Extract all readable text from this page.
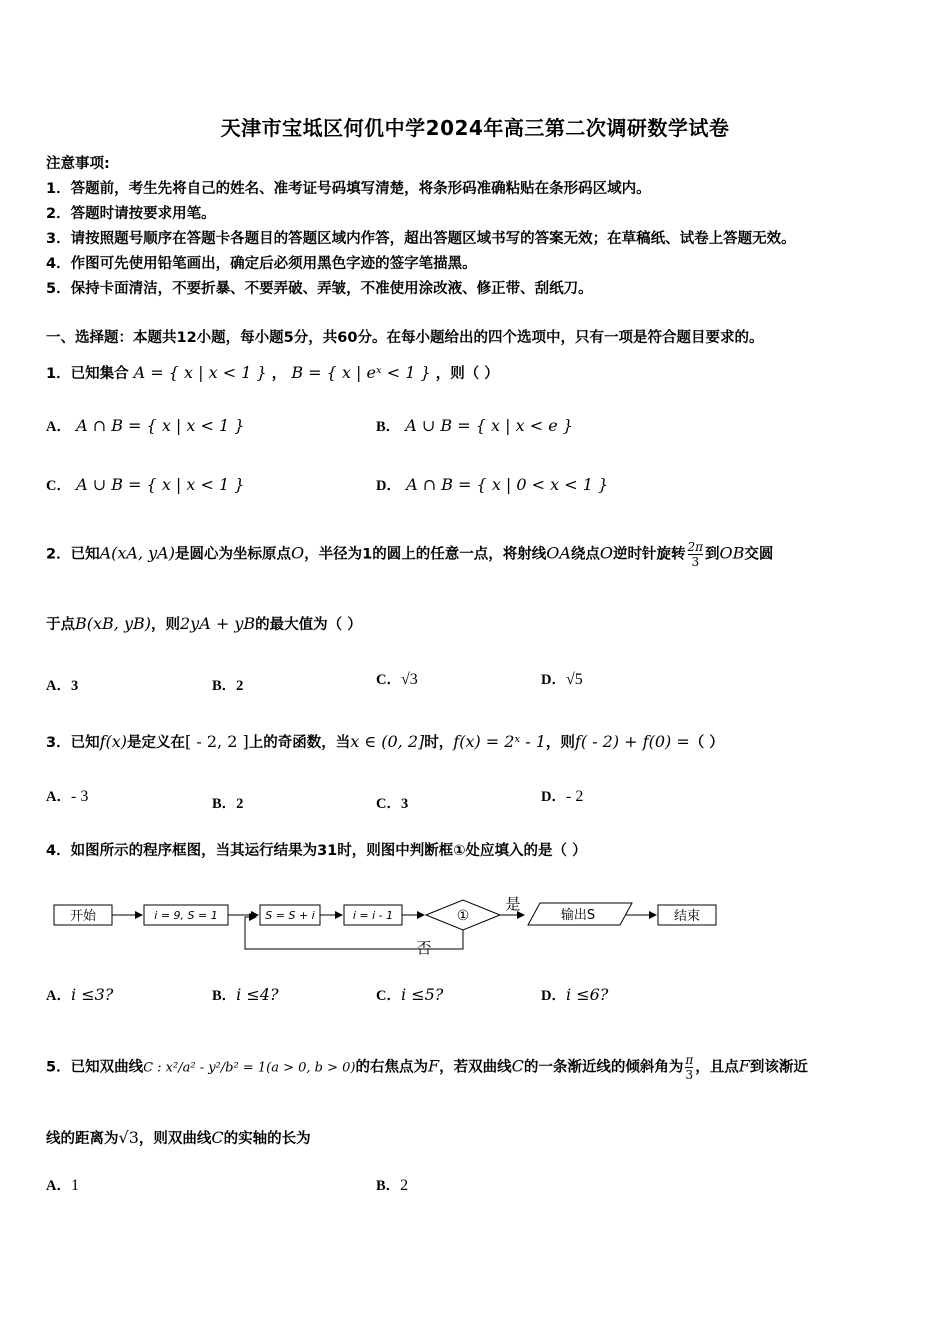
天津市宝坻区何仉中学2024年高三第二次调研数学试卷
注意事项:
1．答题前，考生先将自己的姓名、准考证号码填写清楚，将条形码准确粘贴在条形码区域内。
2．答题时请按要求用笔。
3．请按照题号顺序在答题卡各题目的答题区域内作答，超出答题区域书写的答案无效；在草稿纸、试卷上答题无效。
4．作图可先使用铅笔画出，确定后必须用黑色字迹的签字笔描黑。
5．保持卡面清洁，不要折暴、不要弄破、弄皱，不准使用涂改液、修正带、刮纸刀。
一、选择题：本题共12小题，每小题5分，共60分。在每小题给出的四个选项中，只有一项是符合题目要求的。
1．已知集合 A = { x | x < 1 } ， B = { x | eˣ < 1 } ，则（ ）
A． A ∩ B = { x | x < 1 }	B． A ∪ B = { x | x < e }
C． A ∪ B = { x | x < 1 }	D． A ∩ B = { x | 0 < x < 1 }
2．已知A(xA, yA)是圆心为坐标原点O，半径为1的圆上的任意一点，将射线OA绕点O逆时针旋转 $\frac{2\pi}{3}$ 到OB交圆
于点B(xB, yB)，则2yA + yB的最大值为（ ）
A．3	B．2	C．√3	D．√5
3．已知f(x)是定义在[ - 2, 2 ]上的奇函数，当x ∈ (0, 2]时，f(x) = 2ˣ - 1，则f( - 2) + f(0) =（ ）
A．- 3	B．2	C．3	D．- 2
4．如图所示的程序框图，当其运行结果为31时，则图中判断框①处应填入的是（ ）
开始	i = 9, S = 1	S = S + i	i = i - 1	①
是
输出S	结束
否
A．i ≤3?	B．i ≤4?	C．i ≤5?	D．i ≤6?
5．已知双曲线C : x²/a² - y²/b² = 1(a > 0, b > 0)的右焦点为F，若双曲线C的一条渐近线的倾斜角为 $\frac{\pi}{3}$ ，且点F到该渐近
线的距离为√3，则双曲线C的实轴的长为
A．1	B．2
